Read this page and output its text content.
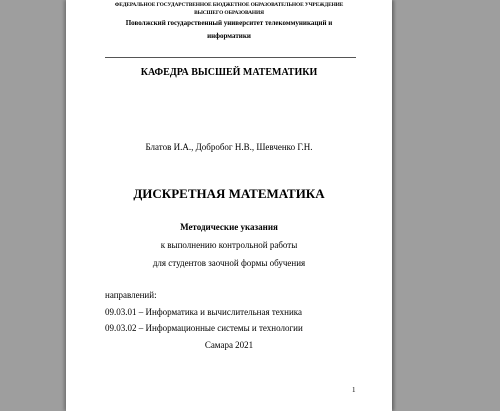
ФЕДЕРАЛЬНОЕ ГОСУДАРСТВЕННОЕ БЮДЖЕТНОЕ ОБРАЗОВАТЕЛЬНОЕ УЧРЕЖДЕНИЕ
ВЫСШЕГО ОБРАЗОВАНИЯ
Поволжский государственный университет телекоммуникаций и
информатики
КАФЕДРА ВЫСШЕЙ МАТЕМАТИКИ
Блатов И.А., Добробог Н.В., Шевченко Г.Н.
ДИСКРЕТНАЯ МАТЕМАТИКА
Методические указания
к выполнению контрольной работы
для студентов заочной формы обучения
направлений:
09.03.01 – Информатика и вычислительная техника
09.03.02 – Информационные системы и технологии
Самара 2021
1
